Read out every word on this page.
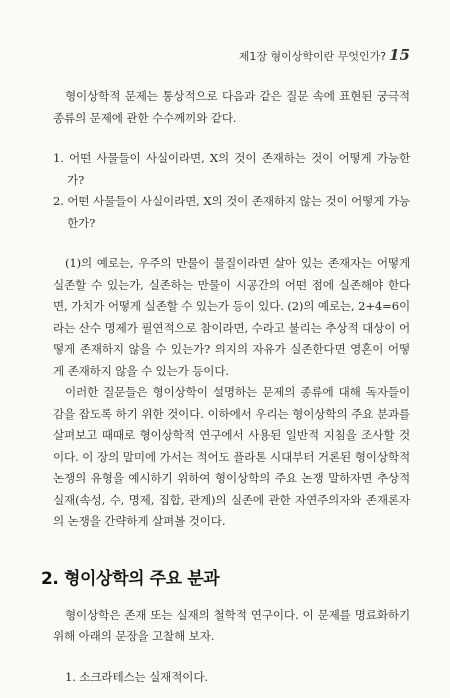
제1장 형이상학이란 무엇인가? 15

형이상학적 문제는 통상적으로 다음과 같은 질문 속에 표현된 궁극적 종류의 문제에 관한 수수께끼와 같다.

1. 어떤 사물들이 사실이라면, X의 것이 존재하는 것이 어떻게 가능한가?

2. 어떤 사물들이 사실이라면, X의 것이 존재하지 않는 것이 어떻게 가능한가?

(1)의 예로는, 우주의 만물이 물질이라면 살아 있는 존재자는 어떻게 실존할 수 있는가, 실존하는 만물이 시공간의 어떤 점에 실존해야 한다면, 가치가 어떻게 실존할 수 있는가 등이 있다. (2)의 예로는, 2+4=6이라는 산수 명제가 필연적으로 참이라면, 수라고 불리는 추상적 대상이 어떻게 존재하지 않을 수 있는가? 의지의 자유가 실존한다면 영혼이 어떻게 존재하지 않을 수 있는가 등이다.

이러한 질문들은 형이상학이 설명하는 문제의 종류에 대해 독자들이 감을 잡도록 하기 위한 것이다. 이하에서 우리는 형이상학의 주요 분과를 살펴보고 때때로 형이상학적 연구에서 사용된 일반적 지침을 조사할 것이다. 이 장의 말미에 가서는 적어도 플라톤 시대부터 거론된 형이상학적 논쟁의 유형을 예시하기 위하여 형이상학의 주요 논쟁 말하자면 추상적 실재(속성, 수, 명제, 집합, 관계)의 실존에 관한 자연주의자와 존재론자의 논쟁을 간략하게 살펴볼 것이다.

2. 형이상학의 주요 분과

형이상학은 존재 또는 실재의 철학적 연구이다. 이 문제를 명료화하기 위해 아래의 문장을 고찰해 보자.

1. 소크라테스는 실재적이다.
